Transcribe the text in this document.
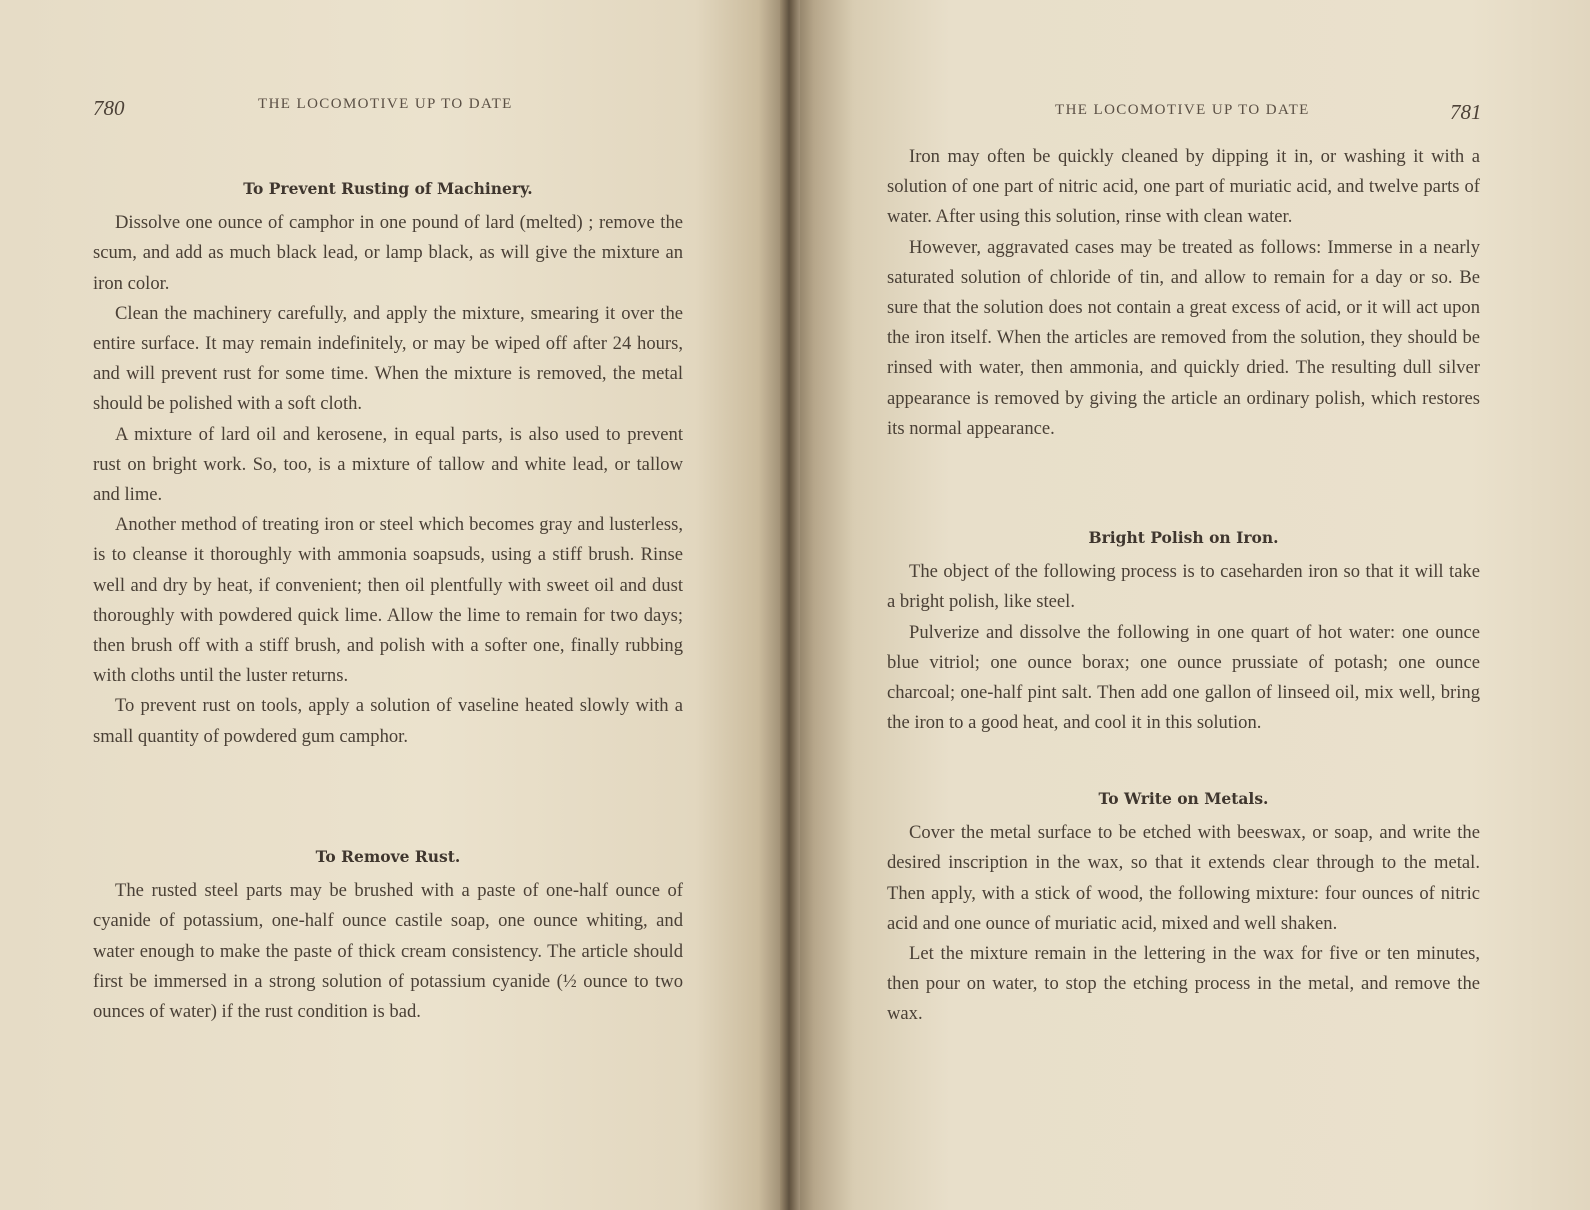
780	THE LOCOMOTIVE UP TO DATE
To Prevent Rusting of Machinery.

Dissolve one ounce of camphor in one pound of lard (melted) ; remove the scum, and add as much black lead, or lamp black, as will give the mixture an iron color.

Clean the machinery carefully, and apply the mixture, smearing it over the entire surface. It may remain indefinitely, or may be wiped off after 24 hours, and will prevent rust for some time. When the mixture is removed, the metal should be polished with a soft cloth.

A mixture of lard oil and kerosene, in equal parts, is also used to prevent rust on bright work. So, too, is a mixture of tallow and white lead, or tallow and lime.

Another method of treating iron or steel which becomes gray and lusterless, is to cleanse it thoroughly with ammonia soapsuds, using a stiff brush. Rinse well and dry by heat, if convenient; then oil plentfully with sweet oil and dust thoroughly with powdered quick lime. Allow the lime to remain for two days; then brush off with a stiff brush, and polish with a softer one, finally rubbing with cloths until the luster returns.

To prevent rust on tools, apply a solution of vaseline heated slowly with a small quantity of powdered gum camphor.

To Remove Rust.

The rusted steel parts may be brushed with a paste of one-half ounce of cyanide of potassium, one-half ounce castile soap, one ounce whiting, and water enough to make the paste of thick cream consistency. The article should first be immersed in a strong solution of potassium cyanide (½ ounce to two ounces of water) if the rust condition is bad.

THE LOCOMOTIVE UP TO DATE	781

Iron may often be quickly cleaned by dipping it in, or washing it with a solution of one part of nitric acid, one part of muriatic acid, and twelve parts of water. After using this solution, rinse with clean water.

However, aggravated cases may be treated as follows: Immerse in a nearly saturated solution of chloride of tin, and allow to remain for a day or so. Be sure that the solution does not contain a great excess of acid, or it will act upon the iron itself. When the articles are removed from the solution, they should be rinsed with water, then ammonia, and quickly dried. The resulting dull silver appearance is removed by giving the article an ordinary polish, which restores its normal appearance.

Bright Polish on Iron.

The object of the following process is to caseharden iron so that it will take a bright polish, like steel.

Pulverize and dissolve the following in one quart of hot water: one ounce blue vitriol; one ounce borax; one ounce prussiate of potash; one ounce charcoal; one-half pint salt. Then add one gallon of linseed oil, mix well, bring the iron to a good heat, and cool it in this solution.

To Write on Metals.

Cover the metal surface to be etched with beeswax, or soap, and write the desired inscription in the wax, so that it extends clear through to the metal. Then apply, with a stick of wood, the following mixture: four ounces of nitric acid and one ounce of muriatic acid, mixed and well shaken.

Let the mixture remain in the lettering in the wax for five or ten minutes, then pour on water, to stop the etching process in the metal, and remove the wax.
